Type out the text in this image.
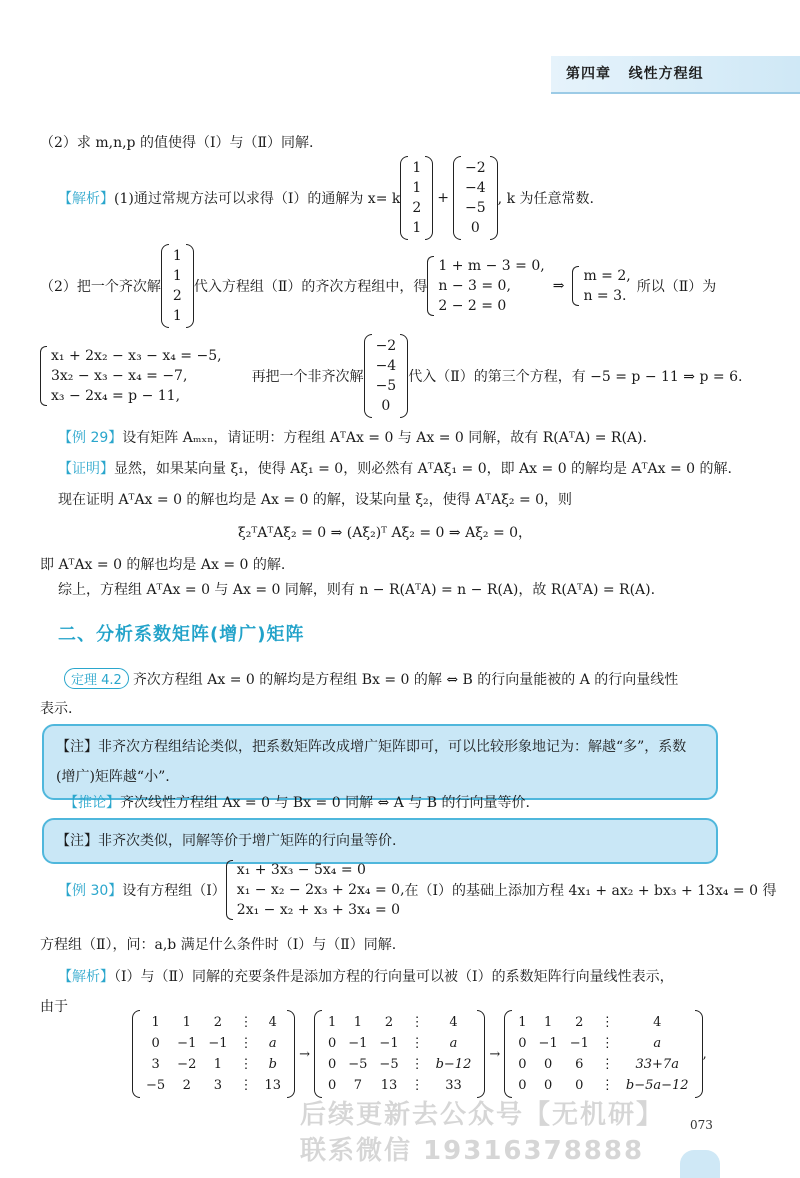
第四章 线性方程组
（2）求 m,n,p 的值使得（Ⅰ）与（Ⅱ）同解.
【解析】 (1)通过常规方法可以求得（Ⅰ）的通解为 x= k
1
1
2
1
+
−2
−4
−5
0
, k 为任意常数.
（2）把一个齐次解
1
1
2
1
代入方程组（Ⅱ）的齐次方程组中，得
1 + m − 3 = 0,
n − 3 = 0,
2 − 2 = 0
⇒
m = 2,
n = 3.
所以（Ⅱ）为
x₁ + 2x₂ − x₃ − x₄ = −5,
3x₂ − x₃ − x₄ = −7,
x₃ − 2x₄ = p − 11,
再把一个非齐次解
−2
−4
−5
0
代入（Ⅱ）的第三个方程，有 −5 = p − 11 ⇒ p = 6.
【例 29】设有矩阵 Aₘₓₙ，请证明：方程组 AᵀAx = 0 与 Ax = 0 同解，故有 R(AᵀA) = R(A).
【证明】显然，如果某向量 ξ₁，使得 Aξ₁ = 0，则必然有 AᵀAξ₁ = 0，即 Ax = 0 的解均是 AᵀAx = 0 的解.
现在证明 AᵀAx = 0 的解也均是 Ax = 0 的解，设某向量 ξ₂，使得 AᵀAξ₂ = 0，则
ξ₂ᵀAᵀAξ₂ = 0 ⇒ (Aξ₂)ᵀ Aξ₂ = 0 ⇒ Aξ₂ = 0，
即 AᵀAx = 0 的解也均是 Ax = 0 的解.
综上，方程组 AᵀAx = 0 与 Ax = 0 同解，则有 n − R(AᵀA) = n − R(A)，故 R(AᵀA) = R(A).
二、分析系数矩阵(增广)矩阵
定理 4.2 齐次方程组 Ax = 0 的解均是方程组 Bx = 0 的解 ⇔ B 的行向量能被的 A 的行向量线性
表示.
【注】非齐次方程组结论类似，把系数矩阵改成增广矩阵即可，可以比较形象地记为：解越“多”，系数
(增广)矩阵越“小”.
【推论】齐次线性方程组 Ax = 0 与 Bx = 0 同解 ⇔ A 与 B 的行向量等价.
【注】非齐次类似，同解等价于增广矩阵的行向量等价.
【例 30】 设有方程组（Ⅰ）
x₁ + 3x₃ − 5x₄ = 0
x₁ − x₂ − 2x₃ + 2x₄ = 0,
2x₁ − x₂ + x₃ + 3x₄ = 0
在（Ⅰ）的基础上添加方程 4x₁ + ax₂ + bx₃ + 13x₄ = 0 得
方程组（Ⅱ），问：a,b 满足什么条件时（Ⅰ）与（Ⅱ）同解.
【解析】（Ⅰ）与（Ⅱ）同解的充要条件是添加方程的行向量可以被（Ⅰ）的系数矩阵行向量线性表示，
由于
1	1	2	⋮	4
0	−1 −1 ⋮	a
3	−2	1	⋮	b
−5	2	3	⋮ 13
→
1	1	2	⋮	4
0 −1 −1 ⋮	a
0 −5 −5 ⋮ b−12
0	7	13 ⋮	33
→
1	1	2	⋮	4
0 −1 −1 ⋮	a
0	0	6	⋮	33+7a
0	0	0	⋮ b−5a−12
,
后续更新去公众号【无机研】
联系微信 19316378888
073
